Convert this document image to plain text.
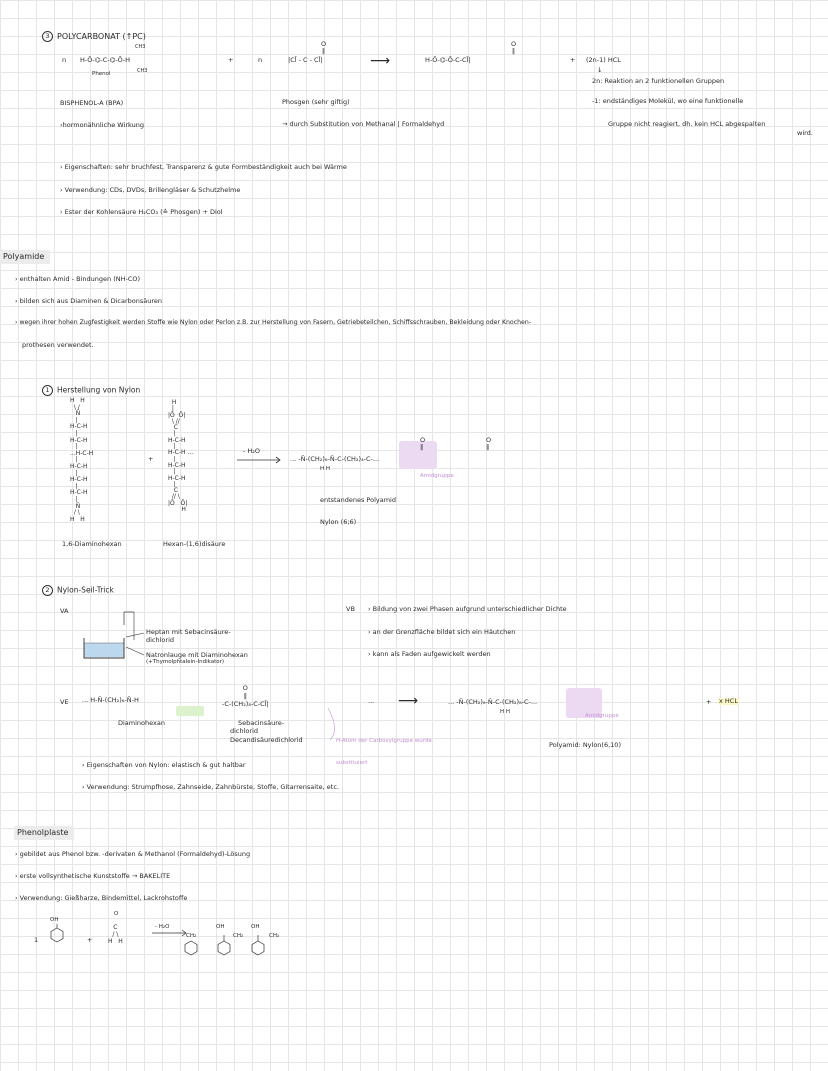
3 POLYCARBONAT (↑PC)
n
CH3
H-Ō-⌬-C-⌬-Ō-H
CH3
Phenol
+	n
O
‖
|Cl̄ - C - Cl̄|	⟶
O
‖
H-Ō-⌬-Ō-C-Cl̄|	+ (2n-1) HCL
↓
2n: Reaktion an 2 funktionellen Gruppen
BISPHENOL-A (BPA)	Phosgen (sehr giftig)	-1: endständiges Molekül, wo eine funktionelle
›hormonähnliche Wirkung	→ durch Substitution von Methanal | Formaldehyd	Gruppe nicht reagiert, dh. kein HCL abgespalten
wird.
› Eigenschaften: sehr bruchfest, Transparenz & gute Formbeständigkeit auch bei Wärme
› Verwendung: CDs, DVDs, Brillengläser & Schutzhelme
› Ester der Kohlensäure H₂CO₃ (≙ Phosgen) + Diol
Polyamide
› enthalten Amid - Bindungen (NH-CO)
› bilden sich aus Diaminen & Dicarbonsäuren
› wegen ihrer hohen Zugfestigkeit werden Stoffe wie Nylon oder Perlon z.B. zur Herstellung von Fasern, Getriebeteilchen, Schiffsschrauben, Bekleidung oder Knochen-
prothesen verwendet.
1 Herstellung von Nylon
H   H
\ /
N̄
|
H-C-H
|
H-C-H
|
...H-C-H
|
H-C-H
|
H-C-H
|
H-C-H
|
N̄
/ \
H   H
+
H
|
|Ō  Ō|
\ //
C
|
H-C-H
|
H-C-H ...
|
H-C-H
|
H-C-H
|
C
// \
|Ō   Ō|
H
- H₂O
O
‖
O
‖
... -N̄-(CH₂)₆-N̄-C-(CH₂)₄-C-...
H H
Amidgruppe
1,6-Diaminohexan	Hexan-(1,6)disäure
entstandenes Polyamid
Nylon (6;6)
2 Nylon-Seil-Trick
VA
Heptan mit Sebacinsäure-
dichlorid
Natronlauge mit Diaminohexan
(+Thymolphtalein-Indikator)
VB › Bildung von zwei Phasen aufgrund unterschiedlicher Dichte
› an der Grenzfläche bildet sich ein Häutchen
› kann als Faden aufgewickelt werden
VE ... H-N̄-(CH₂)₆-N̄-H
O
‖
-C-(CH₂)₈-C-Cl̄|	... ⟶	... -N̄-(CH₂)₆-N̄-C-(CH₂)₈-C-...
H H
+ x HCL
Amidgruppe
Diaminohexan	Sebacinsäure-
dichlorid
Decandisäuredichlorid	H-Atom der Carboxylgruppe wurde
substituiert
Polyamid: Nylon(6,10)
› Eigenschaften von Nylon: elastisch & gut haltbar
› Verwendung: Strumpfhose, Zahnseide, Zahnbürste, Stoffe, Gitarrensaite, etc.
Phenolplaste
› gebildet aus Phenol bzw. -derivaten & Methanol (Formaldehyd)-Lösung
› erste vollsynthetische Kunststoffe → BAKELITE
› Verwendung: Gießharze, Bindemittel, Lackrohstoffe
1
OH
+
O
C
/ \
H   H
- H₂O	OH	OH
CH₂	CH₂	CH₂
